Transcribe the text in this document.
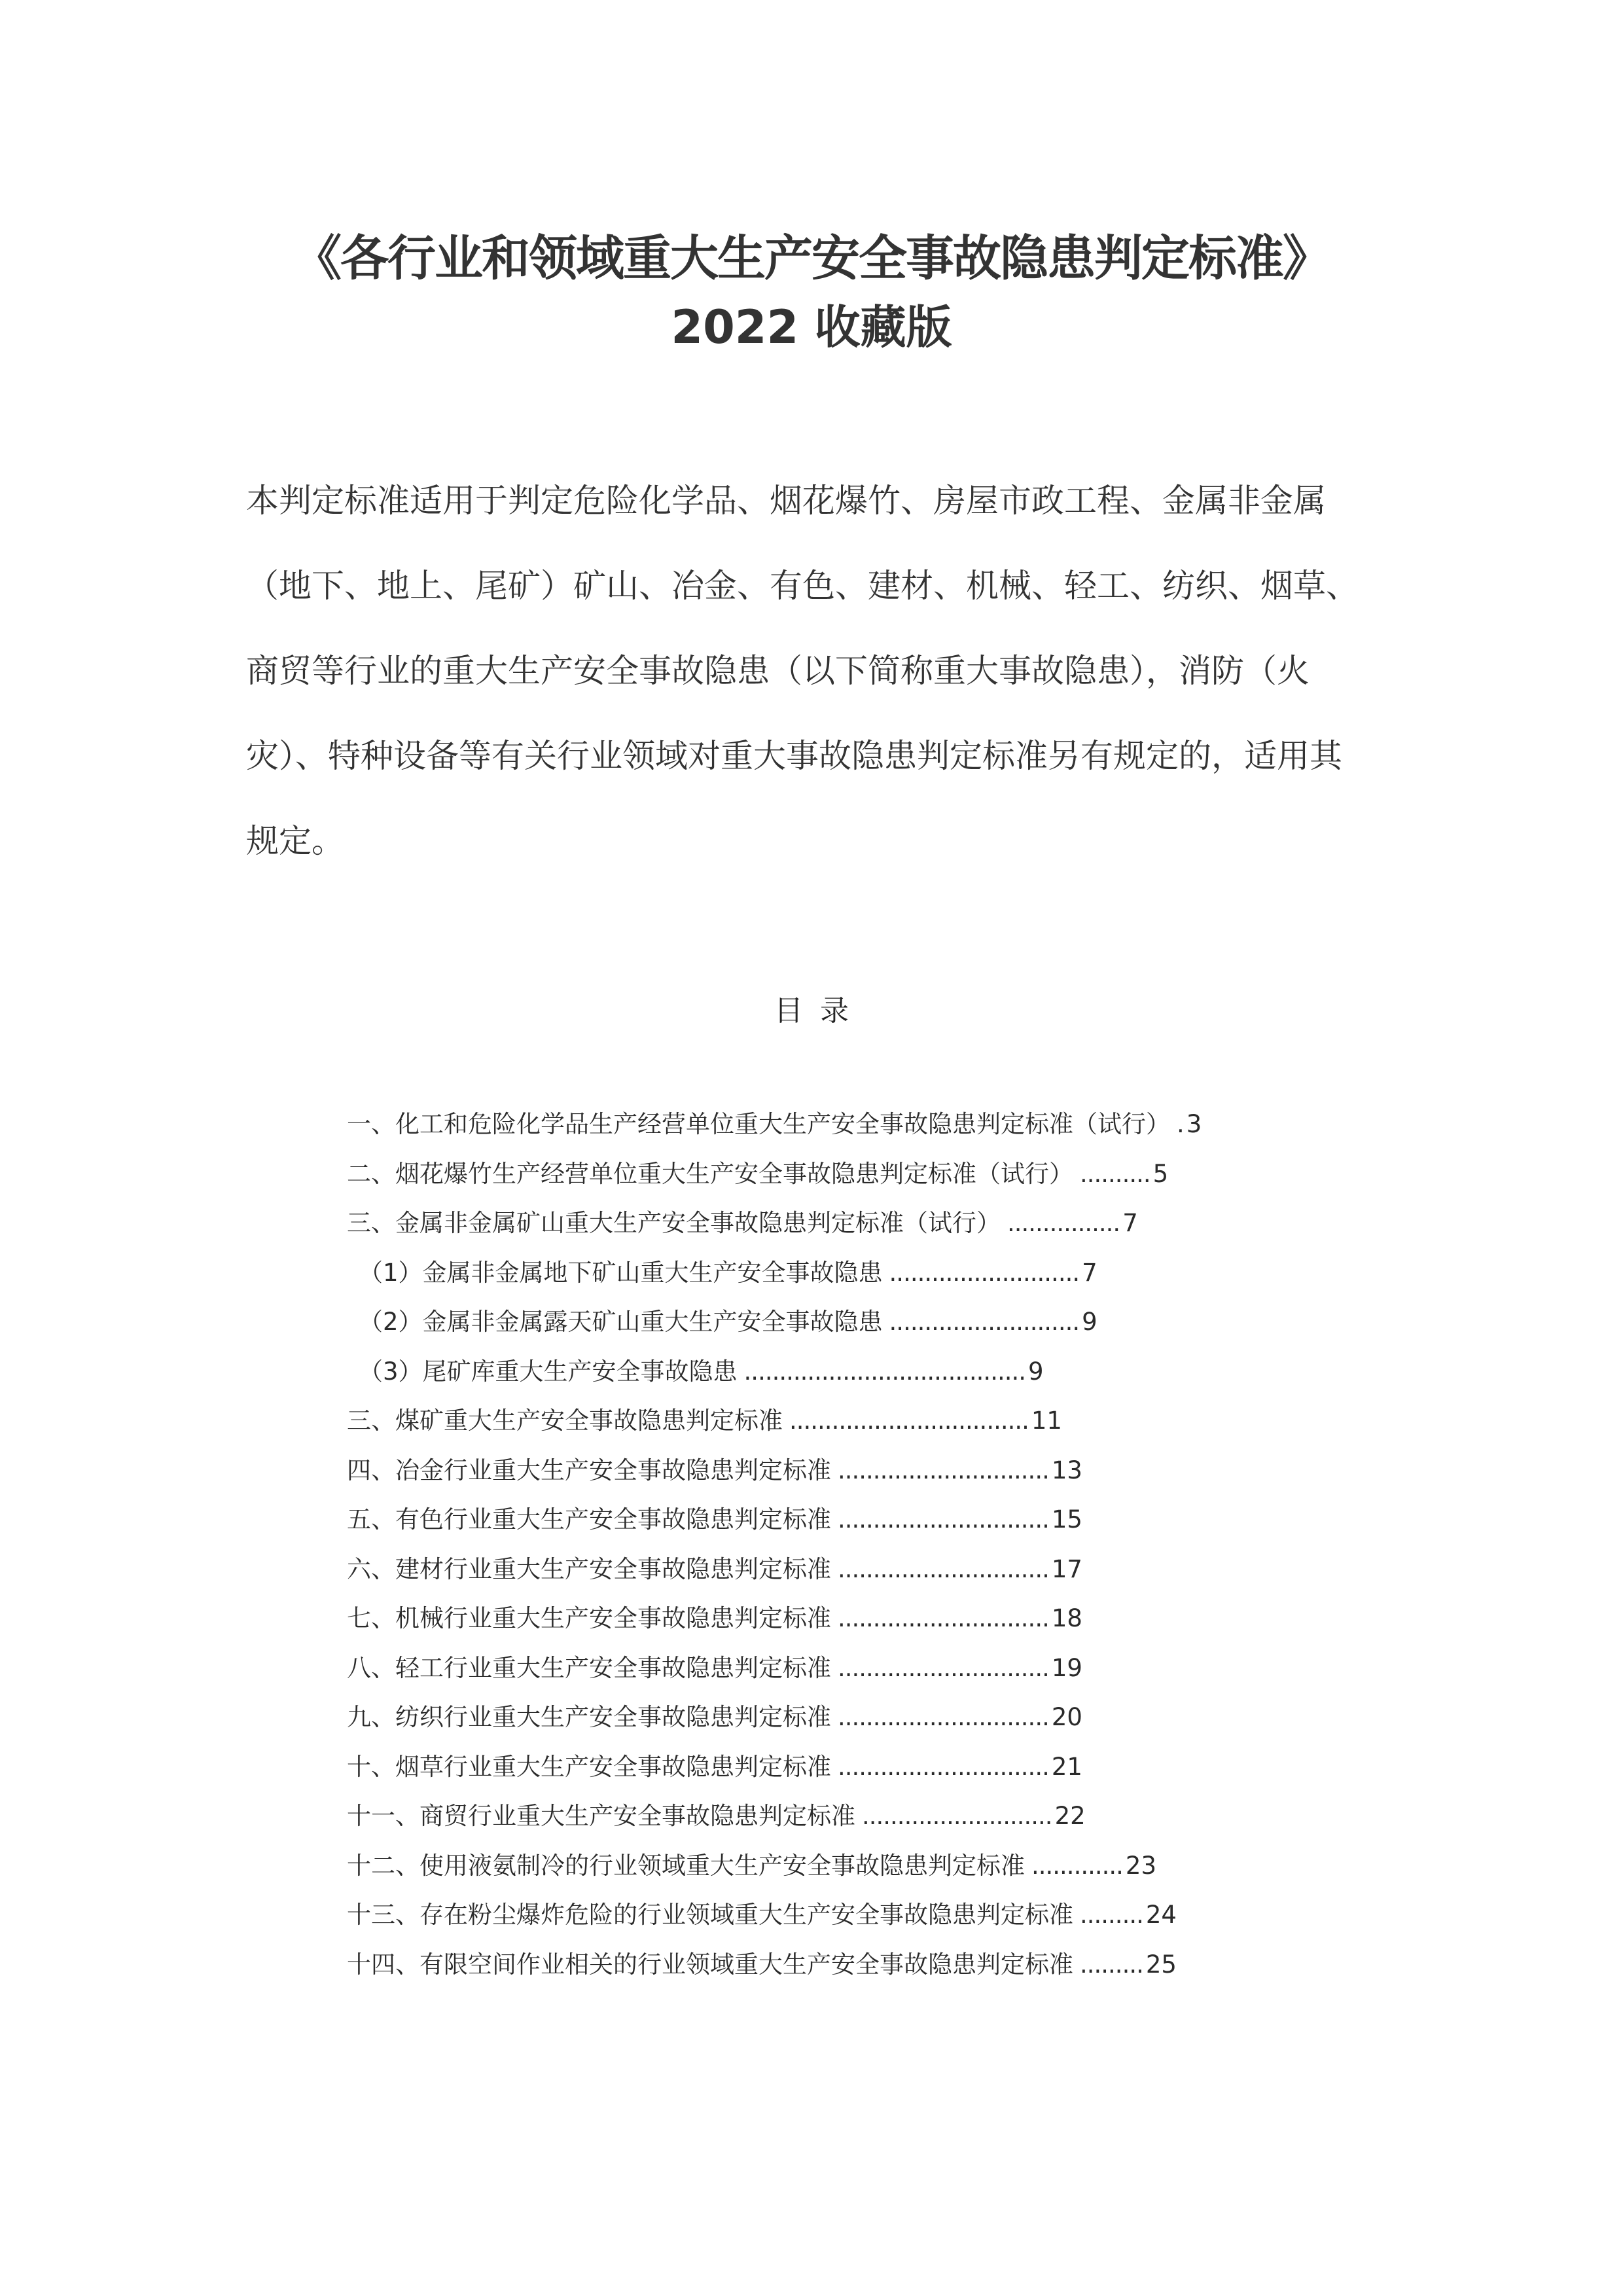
《各行业和领域重大生产安全事故隐患判定标准》
2022 收藏版
本判定标准适用于判定危险化学品、烟花爆竹、房屋市政工程、金属非金属
（地下、地上、尾矿）矿山、冶金、有色、建材、机械、轻工、纺织、烟草、
商贸等行业的重大生产安全事故隐患（以下简称重大事故隐患），消防（火
灾）、特种设备等有关行业领域对重大事故隐患判定标准另有规定的，适用其
规定。
目录
一、化工和危险化学品生产经营单位重大生产安全事故隐患判定标准（试行） . 3
二、烟花爆竹生产经营单位重大生产安全事故隐患判定标准（试行） .......... 5
三、金属非金属矿山重大生产安全事故隐患判定标准（试行） ................ 7
（1）金属非金属地下矿山重大生产安全事故隐患 ........................... 7
（2）金属非金属露天矿山重大生产安全事故隐患 ........................... 9
（3）尾矿库重大生产安全事故隐患 ........................................ 9
三、煤矿重大生产安全事故隐患判定标准 .................................. 11
四、冶金行业重大生产安全事故隐患判定标准 .............................. 13
五、有色行业重大生产安全事故隐患判定标准 .............................. 15
六、建材行业重大生产安全事故隐患判定标准 .............................. 17
七、机械行业重大生产安全事故隐患判定标准 .............................. 18
八、轻工行业重大生产安全事故隐患判定标准 .............................. 19
九、纺织行业重大生产安全事故隐患判定标准 .............................. 20
十、烟草行业重大生产安全事故隐患判定标准 .............................. 21
十一、商贸行业重大生产安全事故隐患判定标准 ........................... 22
十二、使用液氨制冷的行业领域重大生产安全事故隐患判定标准 ............. 23
十三、存在粉尘爆炸危险的行业领域重大生产安全事故隐患判定标准 ......... 24
十四、有限空间作业相关的行业领域重大生产安全事故隐患判定标准 ......... 25
